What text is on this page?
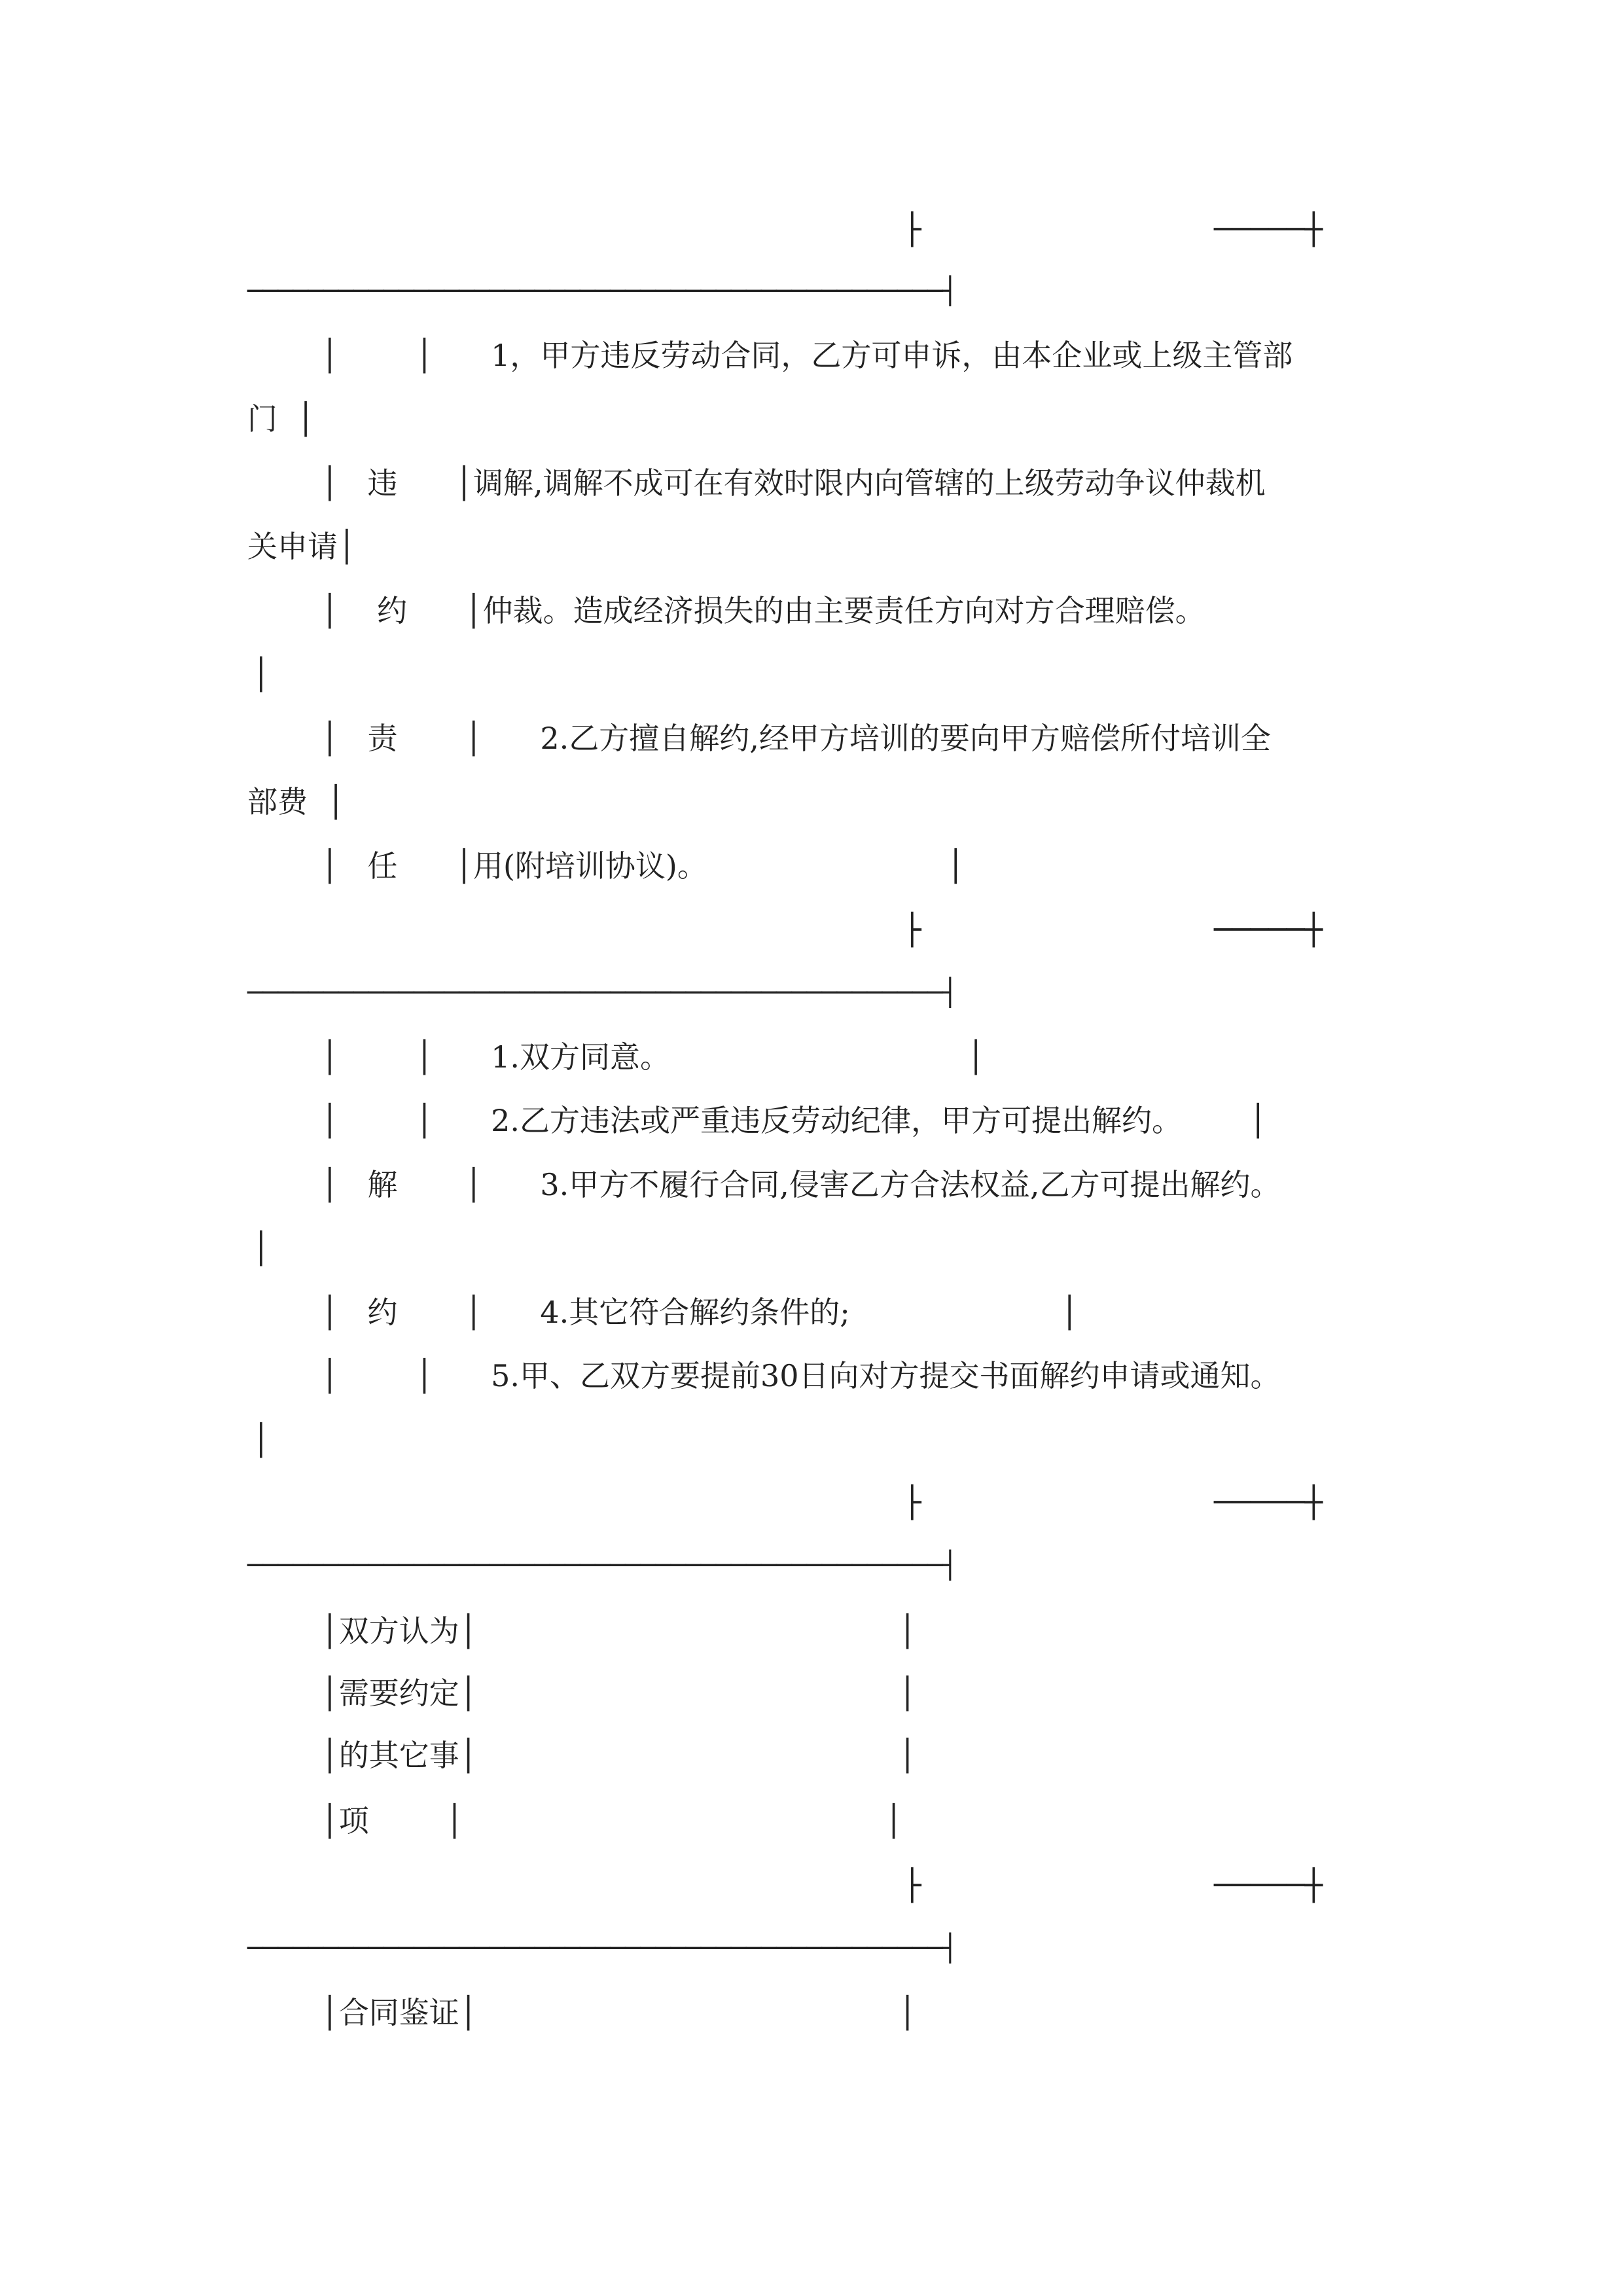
├	─────┼
──────────────────────────────────────────────┤
│        │      1，甲方违反劳动合同，乙方可申诉，由本企业或上级主管部
门  │
│   违      │调解,调解不成可在有效时限内向管辖的上级劳动争议仲裁机
关申请│
│    约      │仲裁。造成经济损失的由主要责任方向对方合理赔偿。
│
│   责       │      2.乙方擅自解约,经甲方培训的要向甲方赔偿所付培训全
部费  │
│   任      │用(附培训协议)。                         │
├	─────┼
──────────────────────────────────────────────┤
│        │      1.双方同意。                               │
│        │      2.乙方违法或严重违反劳动纪律，甲方可提出解约。       │
│   解       │      3.甲方不履行合同,侵害乙方合法权益,乙方可提出解约。
│
│   约       │      4.其它符合解约条件的;                      │
│        │      5.甲、乙双方要提前30日向对方提交书面解约申请或通知。
│
├	─────┼
──────────────────────────────────────────────┤
│双方认为│                                            │
│需要约定│                                            │
│的其它事│                                            │
│项        │                                            │
├	─────┼
──────────────────────────────────────────────┤
│合同鉴证│                                            │
